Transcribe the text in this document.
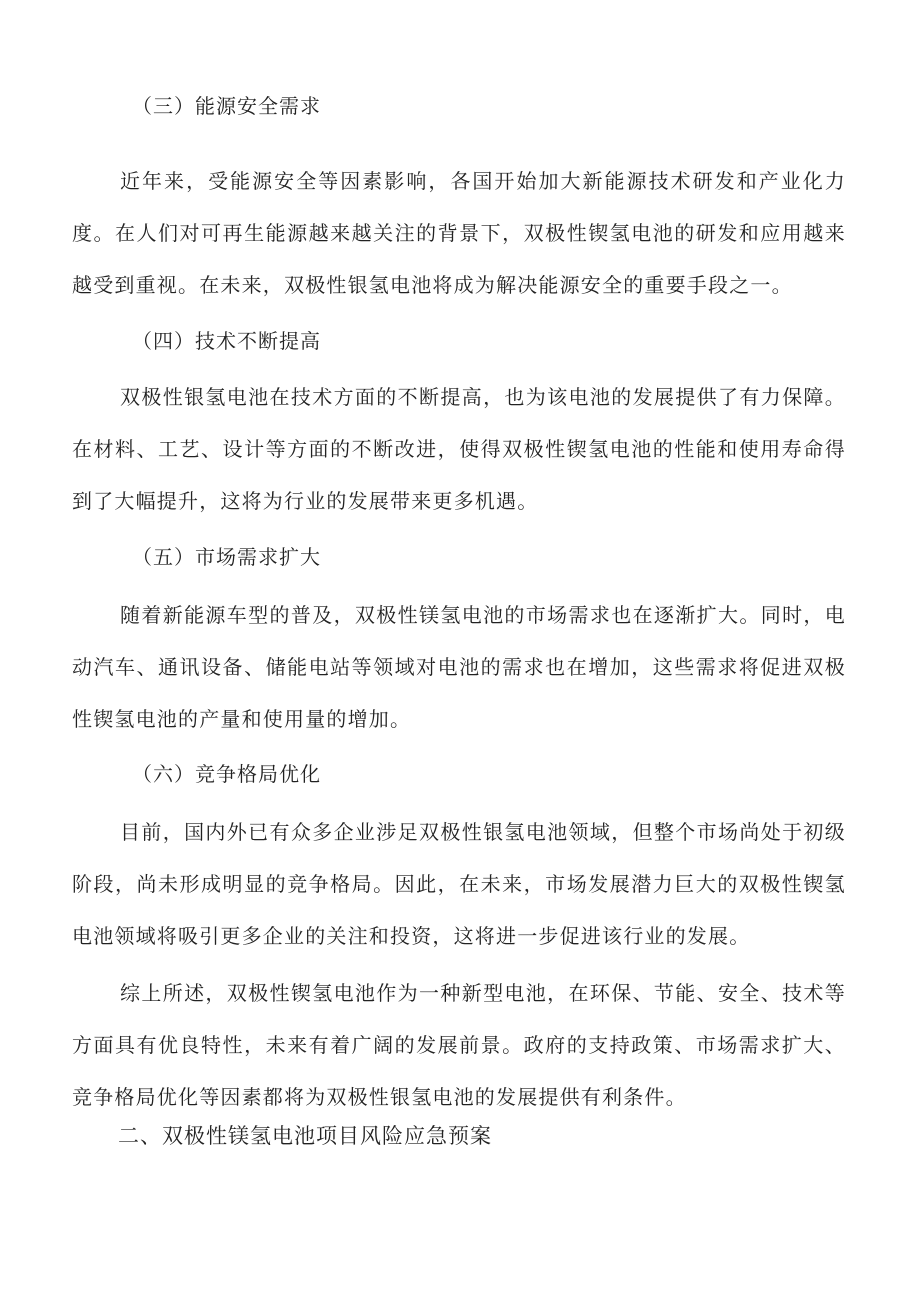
（三）能源安全需求
近年来，受能源安全等因素影响，各国开始加大新能源技术研发和产业化力度。在人们对可再生能源越来越关注的背景下，双极性锲氢电池的研发和应用越来越受到重视。在未来，双极性银氢电池将成为解决能源安全的重要手段之一。
（四）技术不断提高
双极性银氢电池在技术方面的不断提高，也为该电池的发展提供了有力保障。在材料、工艺、设计等方面的不断改进，使得双极性锲氢电池的性能和使用寿命得到了大幅提升，这将为行业的发展带来更多机遇。
（五）市场需求扩大
随着新能源车型的普及，双极性镁氢电池的市场需求也在逐渐扩大。同时，电动汽车、通讯设备、储能电站等领域对电池的需求也在增加，这些需求将促进双极性锲氢电池的产量和使用量的增加。
（六）竞争格局优化
目前，国内外已有众多企业涉足双极性银氢电池领域，但整个市场尚处于初级阶段，尚未形成明显的竞争格局。因此，在未来，市场发展潜力巨大的双极性锲氢电池领域将吸引更多企业的关注和投资，这将进一步促进该行业的发展。
综上所述，双极性锲氢电池作为一种新型电池，在环保、节能、安全、技术等方面具有优良特性，未来有着广阔的发展前景。政府的支持政策、市场需求扩大、竞争格局优化等因素都将为双极性银氢电池的发展提供有利条件。
二、双极性镁氢电池项目风险应急预案
